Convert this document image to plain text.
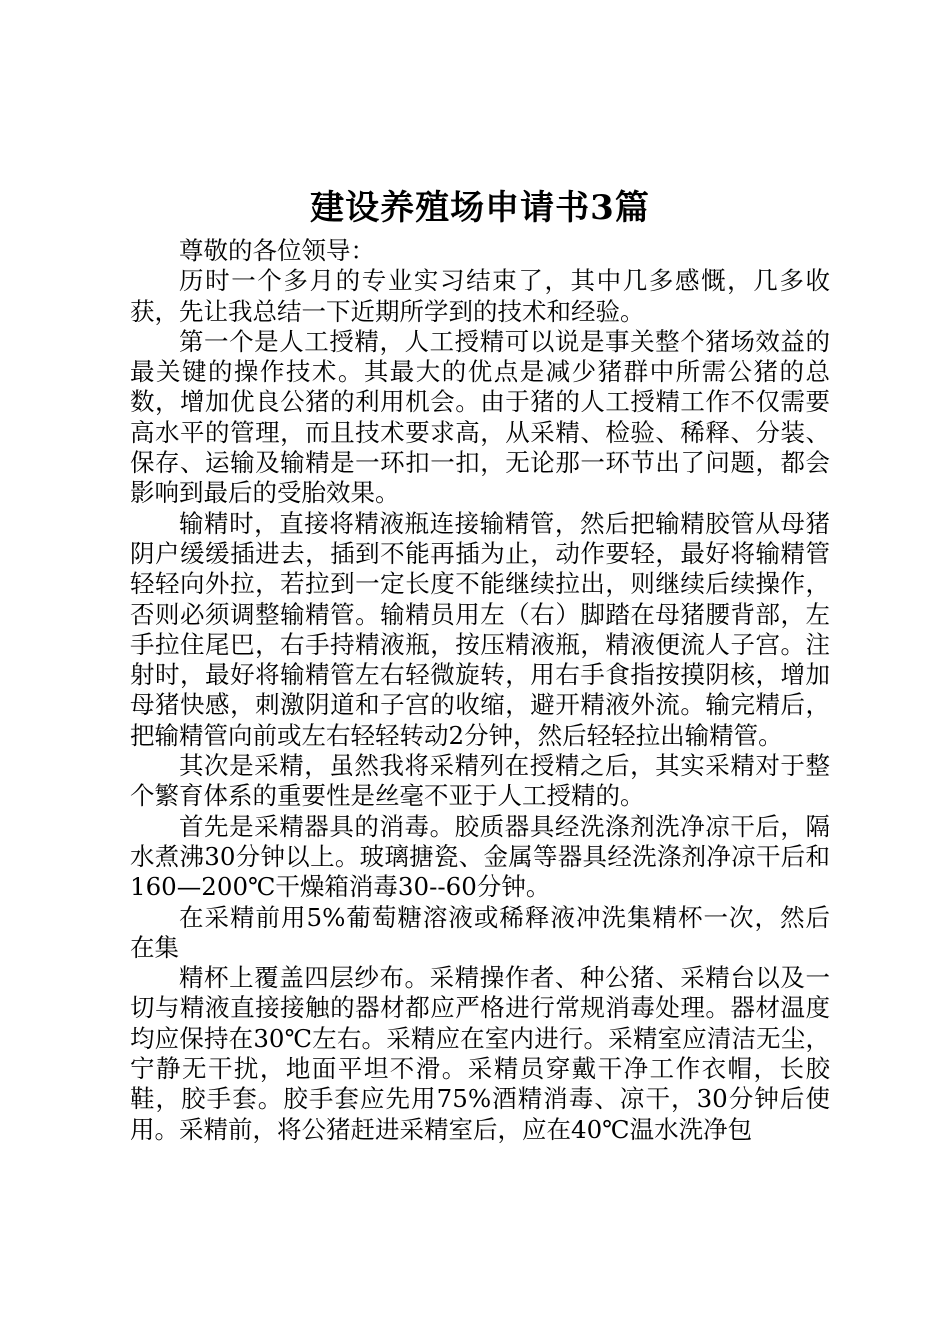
建设养殖场申请书3篇

尊敬的各位领导：

历时一个多月的专业实习结束了，其中几多感慨，几多收获，先让我总结一下近期所学到的技术和经验。

第一个是人工授精，人工授精可以说是事关整个猪场效益的最关键的操作技术。其最大的优点是减少猪群中所需公猪的总数，增加优良公猪的利用机会。由于猪的人工授精工作不仅需要高水平的管理，而且技术要求高，从采精、检验、稀释、分装、保存、运输及输精是一环扣一扣，无论那一环节出了问题，都会影响到最后的受胎效果。

输精时，直接将精液瓶连接输精管，然后把输精胶管从母猪阴户缓缓插进去，插到不能再插为止，动作要轻，最好将输精管轻轻向外拉，若拉到一定长度不能继续拉出，则继续后续操作，否则必须调整输精管。输精员用左（右）脚踏在母猪腰背部，左手拉住尾巴，右手持精液瓶，按压精液瓶，精液便流人子宫。注射时，最好将输精管左右轻微旋转，用右手食指按摸阴核，增加母猪快感，刺激阴道和子宫的收缩，避开精液外流。输完精后，把输精管向前或左右轻轻转动2分钟，然后轻轻拉出输精管。

其次是采精，虽然我将采精列在授精之后，其实采精对于整个繁育体系的重要性是丝毫不亚于人工授精的。

首先是采精器具的消毒。胶质器具经洗涤剂洗净凉干后，隔水煮沸30分钟以上。玻璃搪瓷、金属等器具经洗涤剂净凉干后和160—200℃干燥箱消毒30--60分钟。

在采精前用5%葡萄糖溶液或稀释液冲洗集精杯一次，然后在集

精杯上覆盖四层纱布。采精操作者、种公猪、采精台以及一切与精液直接接触的器材都应严格进行常规消毒处理。器材温度均应保持在30℃左右。采精应在室内进行。采精室应清洁无尘，宁静无干扰，地面平坦不滑。采精员穿戴干净工作衣帽，长胶鞋，胶手套。胶手套应先用75%酒精消毒、凉干，30分钟后使用。采精前，将公猪赶进采精室后，应在40℃温水洗净包
